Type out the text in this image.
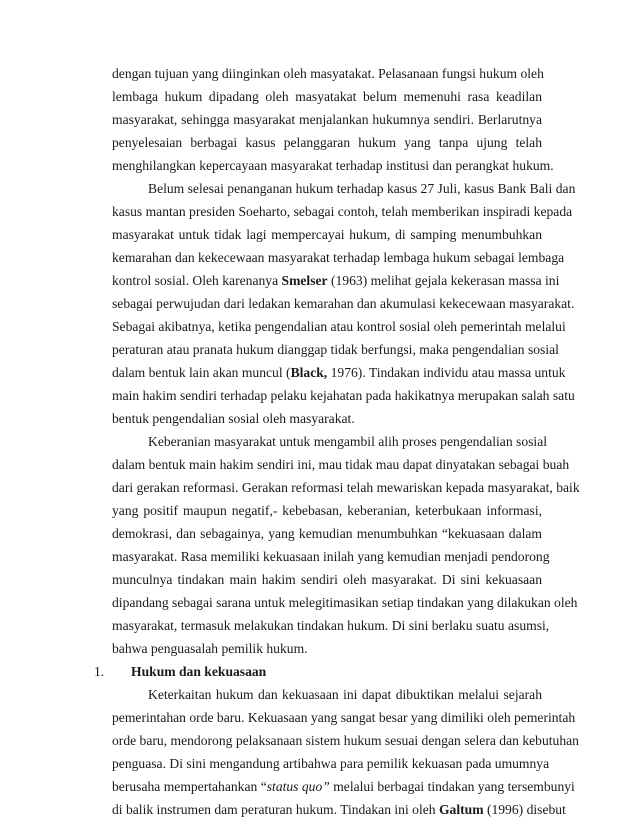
dengan tujuan yang diinginkan oleh masyatakat. Pelasanaan fungsi hukum oleh
lembaga hukum dipadang oleh masyatakat belum memenuhi rasa keadilan
masyarakat, sehingga masyarakat menjalankan hukumnya sendiri. Berlarutnya
penyelesaian berbagai kasus pelanggaran hukum yang tanpa ujung telah
menghilangkan kepercayaan masyarakat terhadap institusi dan perangkat hukum.
Belum selesai penanganan hukum terhadap kasus 27 Juli, kasus Bank Bali dan
kasus mantan presiden Soeharto, sebagai contoh, telah memberikan inspiradi kepada
masyarakat untuk tidak lagi mempercayai hukum, di samping menumbuhkan
kemarahan dan kekecewaan masyarakat terhadap lembaga hukum sebagai lembaga
kontrol sosial. Oleh karenanya Smelser (1963) melihat gejala kekerasan massa ini
sebagai perwujudan dari ledakan kemarahan dan akumulasi kekecewaan masyarakat.
Sebagai akibatnya, ketika pengendalian atau kontrol sosial oleh pemerintah melalui
peraturan atau pranata hukum dianggap tidak berfungsi, maka pengendalian sosial
dalam bentuk lain akan muncul (Black, 1976). Tindakan individu atau massa untuk
main hakim sendiri terhadap pelaku kejahatan pada hakikatnya merupakan salah satu
bentuk pengendalian sosial oleh masyarakat.
Keberanian masyarakat untuk mengambil alih proses pengendalian sosial
dalam bentuk main hakim sendiri ini, mau tidak mau dapat dinyatakan sebagai buah
dari gerakan reformasi. Gerakan reformasi telah mewariskan kepada masyarakat, baik
yang positif maupun negatif,- kebebasan, keberanian, keterbukaan informasi,
demokrasi, dan sebagainya, yang kemudian menumbuhkan “kekuasaan dalam
masyarakat. Rasa memiliki kekuasaan inilah yang kemudian menjadi pendorong
munculnya tindakan main hakim sendiri oleh masyarakat. Di sini kekuasaan
dipandang sebagai sarana untuk melegitimasikan setiap tindakan yang dilakukan oleh
masyarakat, termasuk melakukan tindakan hukum. Di sini berlaku suatu asumsi,
bahwa penguasalah pemilik hukum.
1. Hukum dan kekuasaan
Keterkaitan hukum dan kekuasaan ini dapat dibuktikan melalui sejarah
pemerintahan orde baru. Kekuasaan yang sangat besar yang dimiliki oleh pemerintah
orde baru, mendorong pelaksanaan sistem hukum sesuai dengan selera dan kebutuhan
penguasa. Di sini mengandung artibahwa para pemilik kekuasan pada umumnya
berusaha mempertahankan “status quo” melalui berbagai tindakan yang tersembunyi
di balik instrumen dam peraturan hukum. Tindakan ini oleh Galtum (1996) disebut
